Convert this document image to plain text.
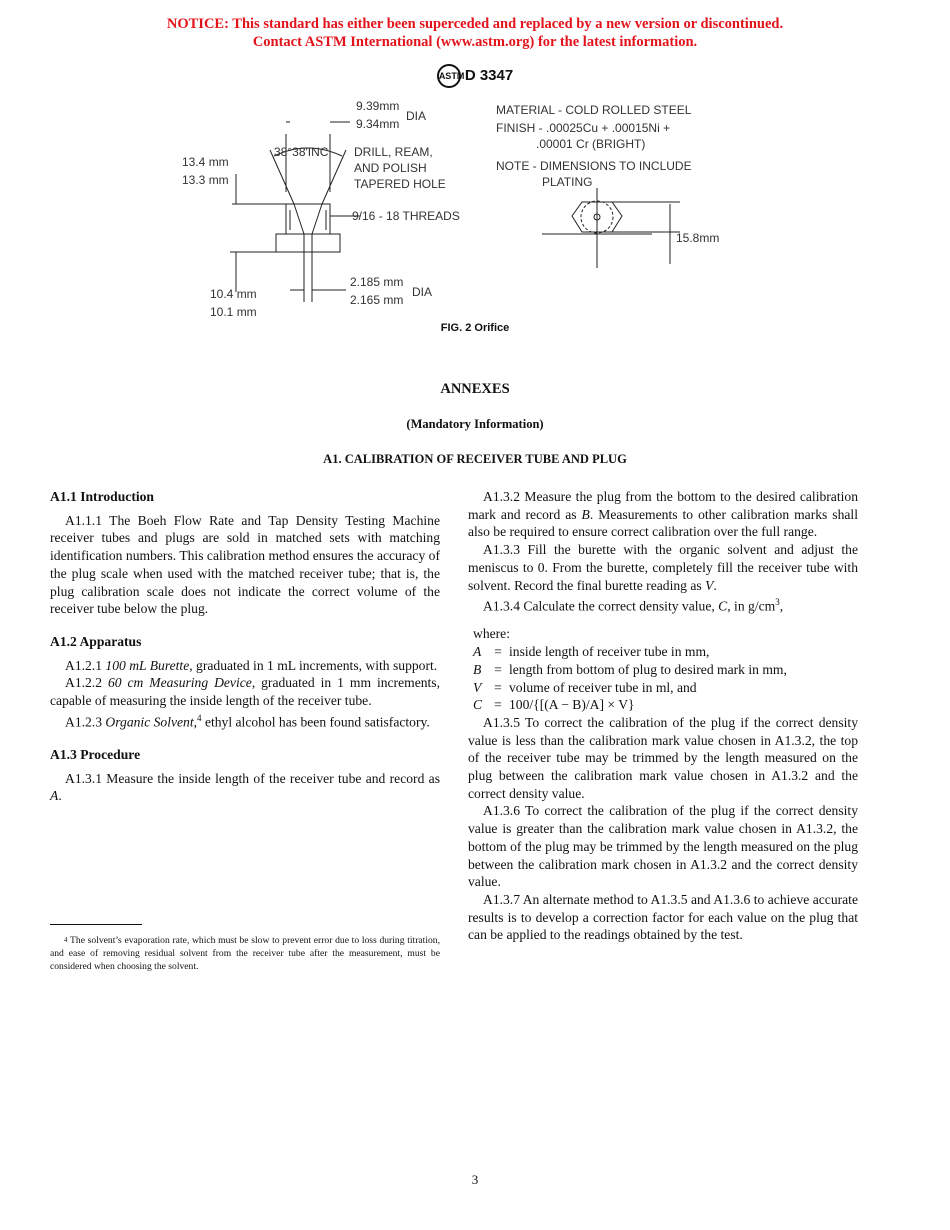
NOTICE: This standard has either been superceded and replaced by a new version or discontinued.
Contact ASTM International (www.astm.org) for the latest information.
ASTMD 3347
9.39mm
9.34mm
DIA
38°38'INC
13.4 mm
13.3 mm
DRILL, REAM,
AND POLISH
TAPERED HOLE
9/16 - 18 THREADS
10.4 mm
10.1 mm
2.185 mm
2.165 mm
DIA
MATERIAL - COLD ROLLED STEEL
FINISH - .00025Cu + .00015Ni +
.00001 Cr (BRIGHT)
NOTE - DIMENSIONS TO INCLUDE
PLATING
15.8mm
FIG. 2 Orifice
ANNEXES
(Mandatory Information)
A1. CALIBRATION OF RECEIVER TUBE AND PLUG
A1.1 Introduction

A1.1.1 The Boeh Flow Rate and Tap Density Testing Machine receiver tubes and plugs are sold in matched sets with matching identification numbers. This calibration method ensures the accuracy of the plug scale when used with the matched receiver tube; that is, the plug calibration scale does not indicate the correct volume of the receiver tube below the plug.

A1.2 Apparatus

A1.2.1 100 mL Burette, graduated in 1 mL increments, with support.

A1.2.2 60 cm Measuring Device, graduated in 1 mm increments, capable of measuring the inside length of the receiver tube.

A1.2.3 Organic Solvent,$^4$ ethyl alcohol has been found satisfactory.

A1.3 Procedure

A1.3.1 Measure the inside length of the receiver tube and record as A.

$^4$ The solvent’s evaporation rate, which must be slow to prevent error due to loss during titration, and ease of removing residual solvent from the receiver tube after the measurement, must be considered when choosing the solvent.

A1.3.2 Measure the plug from the bottom to the desired calibration mark and record as B. Measurements to other calibration marks shall also be required to ensure correct calibration over the full range.

A1.3.3 Fill the burette with the organic solvent and adjust the meniscus to 0. From the burette, completely fill the receiver tube with solvent. Record the final burette reading as V.

A1.3.4 Calculate the correct density value, C, in $g/cm^3$,

where:
A = inside length of receiver tube in mm,
B = length from bottom of plug to desired mark in mm,
V = volume of receiver tube in ml, and
C = 100/{[(A − B)/A] × V}

A1.3.5 To correct the calibration of the plug if the correct density value is less than the calibration mark value chosen in A1.3.2, the top of the receiver tube may be trimmed by the length measured on the plug between the calibration mark value chosen in A1.3.2 and the correct density value.

A1.3.6 To correct the calibration of the plug if the correct density value is greater than the calibration mark value chosen in A1.3.2, the bottom of the plug may be trimmed by the length measured on the plug between the calibration mark chosen in A1.3.2 and the correct density value.

A1.3.7 An alternate method to A1.3.5 and A1.3.6 to achieve accurate results is to develop a correction factor for each value on the plug that can be applied to the readings obtained by the test.

3
